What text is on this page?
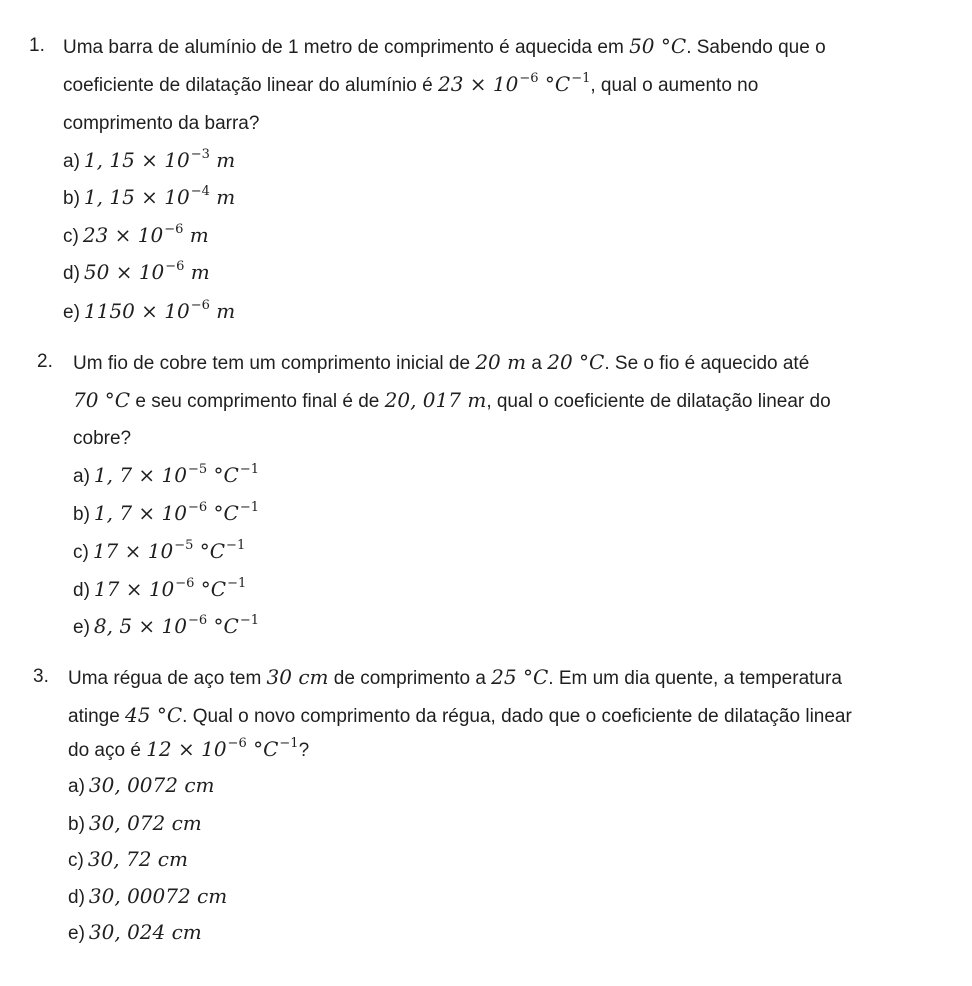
1. Uma barra de alumínio de 1 metro de comprimento é aquecida em 50 °C. Sabendo que o
coeficiente de dilatação linear do alumínio é $23 \times 10^{-6}$ $^\circ C^{-1}$, qual o aumento no
comprimento da barra?
a) 1, $15 \times 10^{-3}$ m
b) 1, $15 \times 10^{-4}$ m
c) $23 \times 10^{-6}$ m
d) $50 \times 10^{-6}$ m
e) $1150 \times 10^{-6}$ m
2. Um fio de cobre tem um comprimento inicial de 20 m a 20 °C. Se o fio é aquecido até
70 °C e seu comprimento final é de 20, 017 m, qual o coeficiente de dilatação linear do
cobre?
a) 1, $7 \times 10^{-5}$ $^\circ C^{-1}$
b) 1, $7 \times 10^{-6}$ $^\circ C^{-1}$
c) $17 \times 10^{-5}$ $^\circ C^{-1}$
d) $17 \times 10^{-6}$ $^\circ C^{-1}$
e) 8, $5 \times 10^{-6}$ $^\circ C^{-1}$
3. Uma régua de aço tem 30 cm de comprimento a 25 °C. Em um dia quente, a temperatura
atinge 45 °C. Qual o novo comprimento da régua, dado que o coeficiente de dilatação linear
do aço é $12 \times 10^{-6}$ $^\circ C^{-1}$?
a) 30, 0072 cm
b) 30, 072 cm
c) 30, 72 cm
d) 30, 00072 cm
e) 30, 024 cm
